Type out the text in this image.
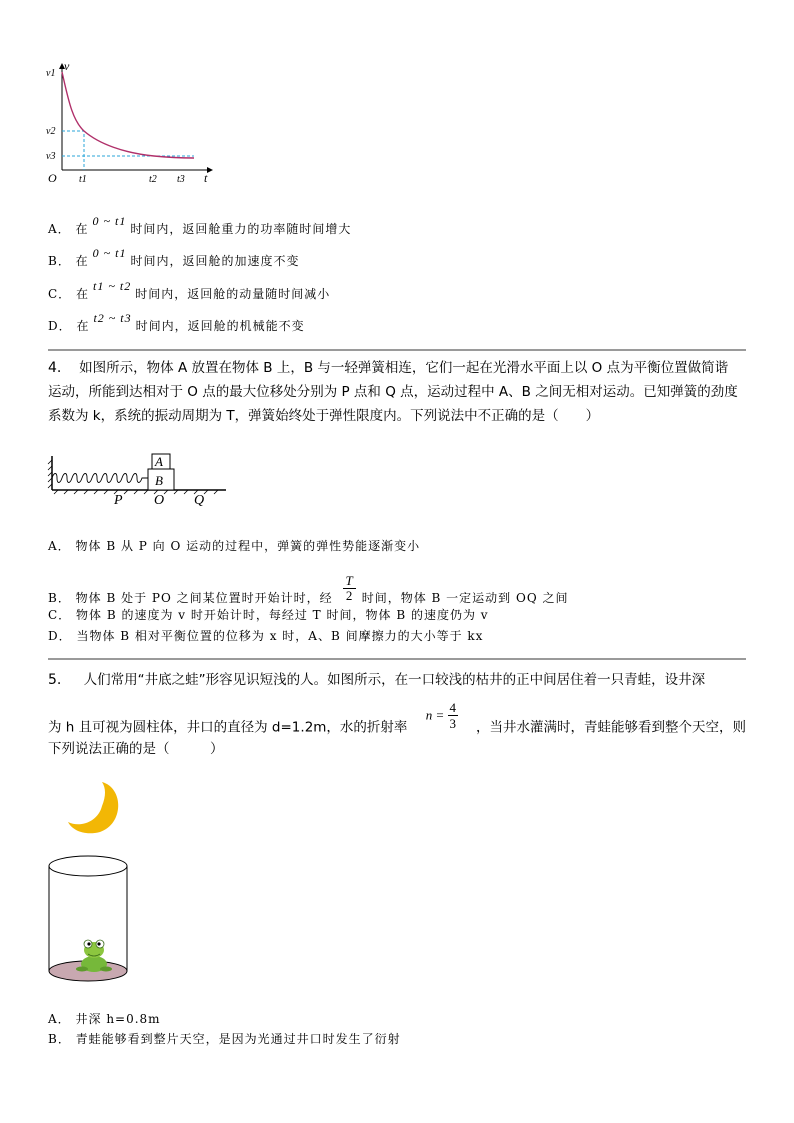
v
t
O
v1
v2
v3
t1	t2 t3
A． 在0 ~ t1时间内，返回舱重力的功率随时间增大
B． 在0 ~ t1时间内，返回舱的加速度不变
C． 在t1 ~ t2时间内，返回舱的动量随时间减小
D． 在t2 ~ t3时间内，返回舱的机械能不变
4. 如图所示，物体 A 放置在物体 B 上，B 与一轻弹簧相连，它们一起在光滑水平面上以 O 点为平衡位置做简谐
运动，所能到达相对于 O 点的最大位移处分别为 P 点和 Q 点，运动过程中 A、B 之间无相对运动。已知弹簧的劲度
系数为 k，系统的振动周期为 T，弹簧始终处于弹性限度内。下列说法中不正确的是（　　）
A
B
P O Q
A． 物体 B 从 P 向 O 运动的过程中，弹簧的弹性势能逐渐变小
B． 物体 B 处于 PO 之间某位置时开始计时，经 $\frac{T}{2}$ 时间，物体 B 一定运动到 OQ 之间
C． 物体 B 的速度为 v 时开始计时，每经过 T 时间，物体 B 的速度仍为 v
D． 当物体 B 相对平衡位置的位移为 x 时，A、B 间摩擦力的大小等于 kx
5. 人们常用“井底之蛙”形容见识短浅的人。如图所示，在一口较浅的枯井的正中间居住着一只青蛙，设井深
为 h 且可视为圆柱体，井口的直径为 d=1.2m，水的折射率 $n = \frac{4}{3}$ ，当井水灌满时，青蛙能够看到整个天空，则
下列说法正确的是（　　　）
A． 井深 h=0.8m
B． 青蛙能够看到整片天空，是因为光通过井口时发生了衍射
